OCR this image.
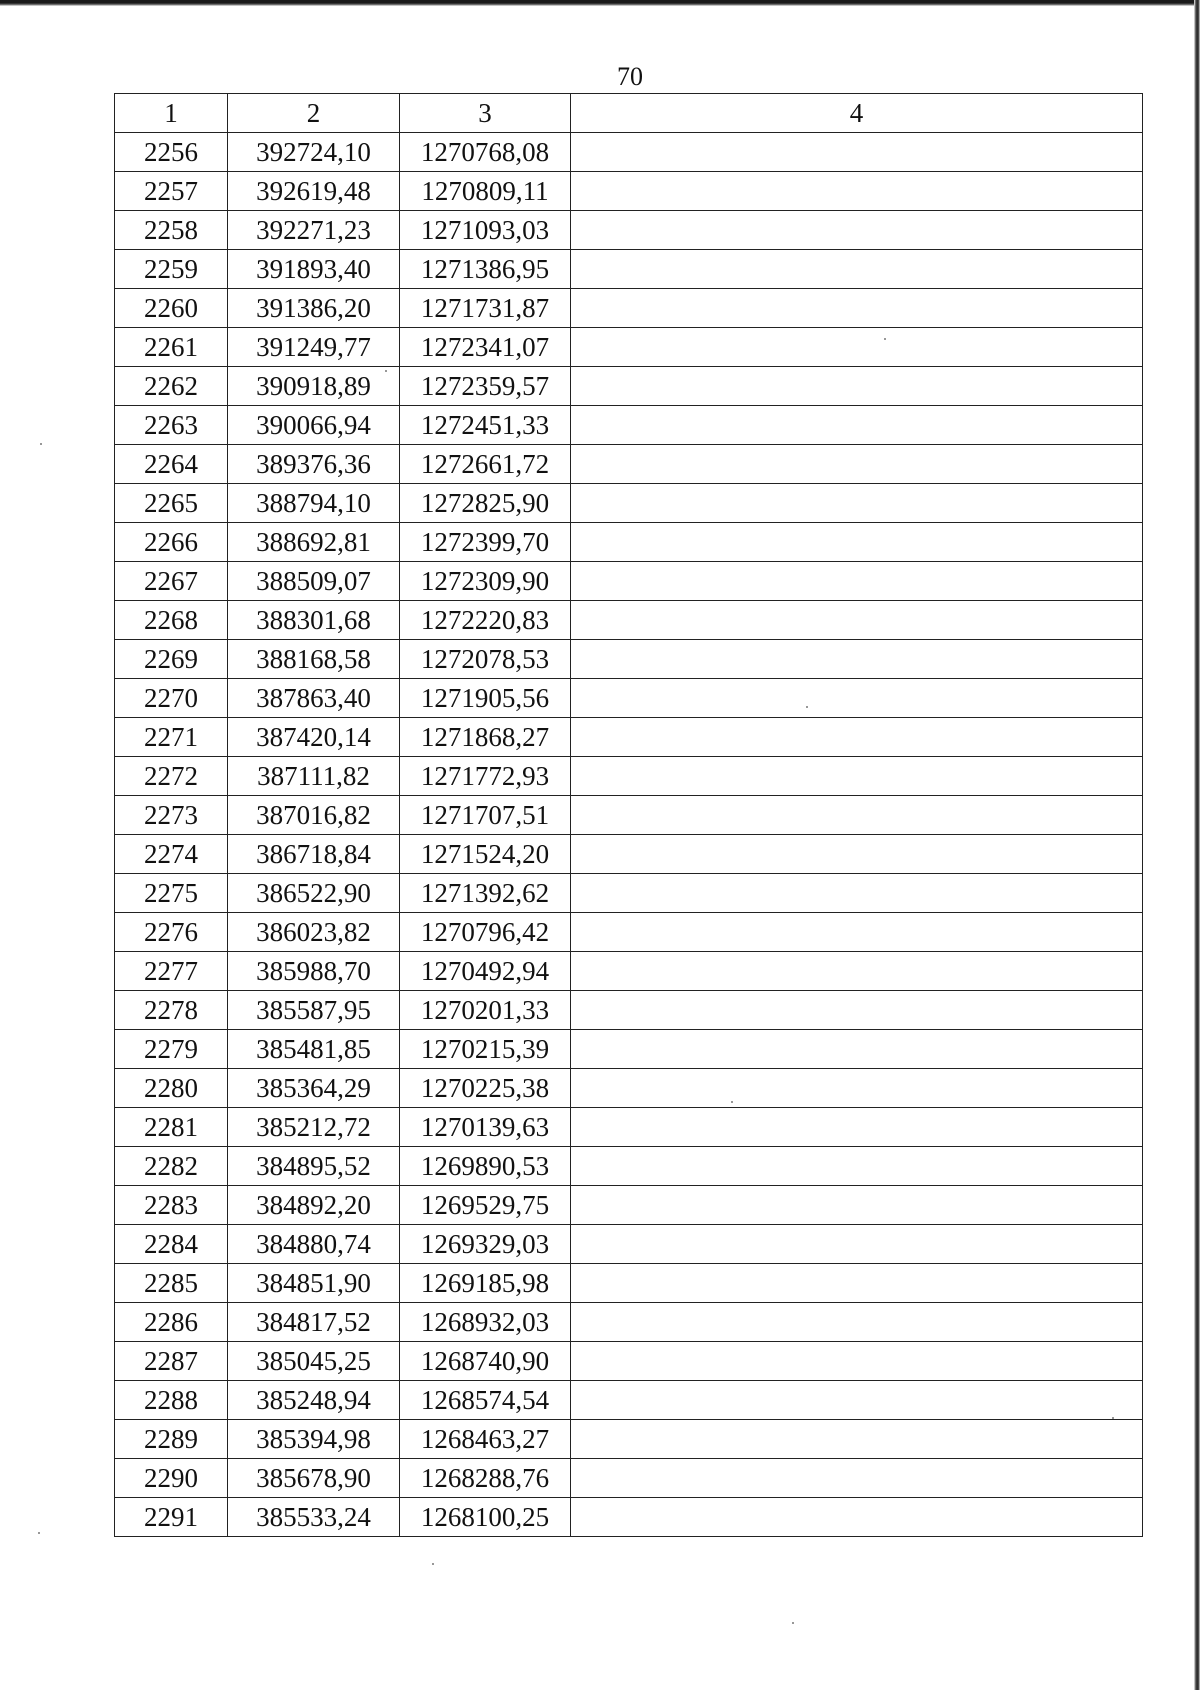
70
1	2	3	4
2256	392724,10	1270768,08	
2257	392619,48	1270809,11	
2258	392271,23	1271093,03	
2259	391893,40	1271386,95	
2260	391386,20	1271731,87	
2261	391249,77	1272341,07	
2262	390918,89	1272359,57	
2263	390066,94	1272451,33	
2264	389376,36	1272661,72	
2265	388794,10	1272825,90	
2266	388692,81	1272399,70	
2267	388509,07	1272309,90	
2268	388301,68	1272220,83	
2269	388168,58	1272078,53	
2270	387863,40	1271905,56	
2271	387420,14	1271868,27	
2272	387111,82	1271772,93	
2273	387016,82	1271707,51	
2274	386718,84	1271524,20	
2275	386522,90	1271392,62	
2276	386023,82	1270796,42	
2277	385988,70	1270492,94	
2278	385587,95	1270201,33	
2279	385481,85	1270215,39	
2280	385364,29	1270225,38	
2281	385212,72	1270139,63	
2282	384895,52	1269890,53	
2283	384892,20	1269529,75	
2284	384880,74	1269329,03	
2285	384851,90	1269185,98	
2286	384817,52	1268932,03	
2287	385045,25	1268740,90	
2288	385248,94	1268574,54	
2289	385394,98	1268463,27	
2290	385678,90	1268288,76	
2291	385533,24	1268100,25	
